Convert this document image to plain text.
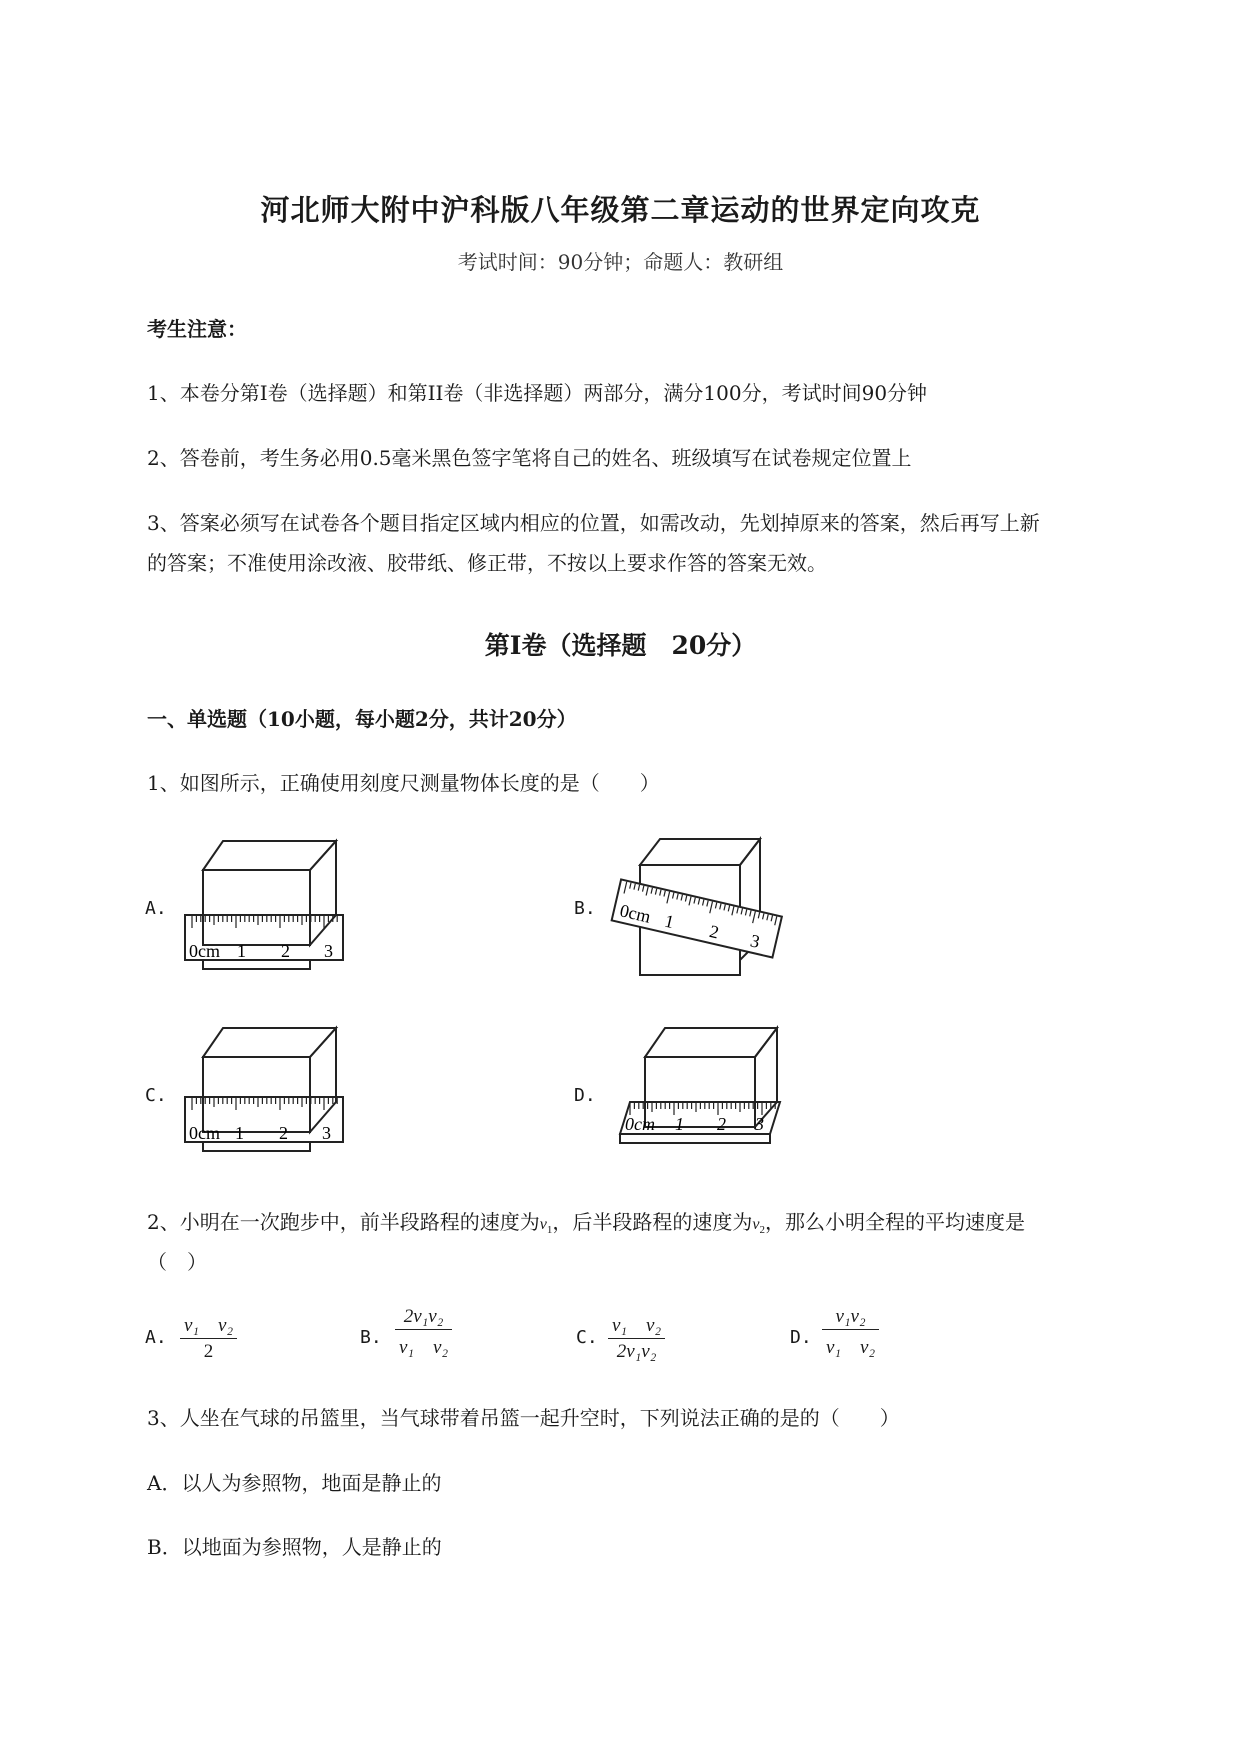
河北师大附中沪科版八年级第二章运动的世界定向攻克
考试时间：90分钟；命题人：教研组
考生注意：
1、本卷分第I卷（选择题）和第II卷（非选择题）两部分，满分100分，考试时间90分钟
2、答卷前，考生务必用0.5毫米黑色签字笔将自己的姓名、班级填写在试卷规定位置上
3、答案必须写在试卷各个题目指定区域内相应的位置，如需改动，先划掉原来的答案，然后再写上新
的答案；不准使用涂改液、胶带纸、修正带，不按以上要求作答的答案无效。
第I卷（选择题　20分）
一、单选题（10小题，每小题2分，共计20分）
1、如图所示，正确使用刻度尺测量物体长度的是（　　）
A.	B.
C.	D.
0cm 1 2 3
0cm 1 2 3
0cm 1 2 3	0cm 1 2 3
2、小明在一次跑步中，前半段路程的速度为$v_1$，后半段路程的速度为$v_2$，那么小明全程的平均速度是
（　）
A. $\frac{\text{v₁　v₂}}{2}$	B. $\frac{\text{2v₁v₂}}{\text{v₁　v₂}}$	C. $\frac{\text{v₁　v₂}}{\text{2v₁v₂}}$	D. $\frac{\text{v₁v₂}}{\text{v₁　v₂}}$
3、人坐在气球的吊篮里，当气球带着吊篮一起升空时，下列说法正确的是的（　　）
A．以人为参照物，地面是静止的
B．以地面为参照物，人是静止的
